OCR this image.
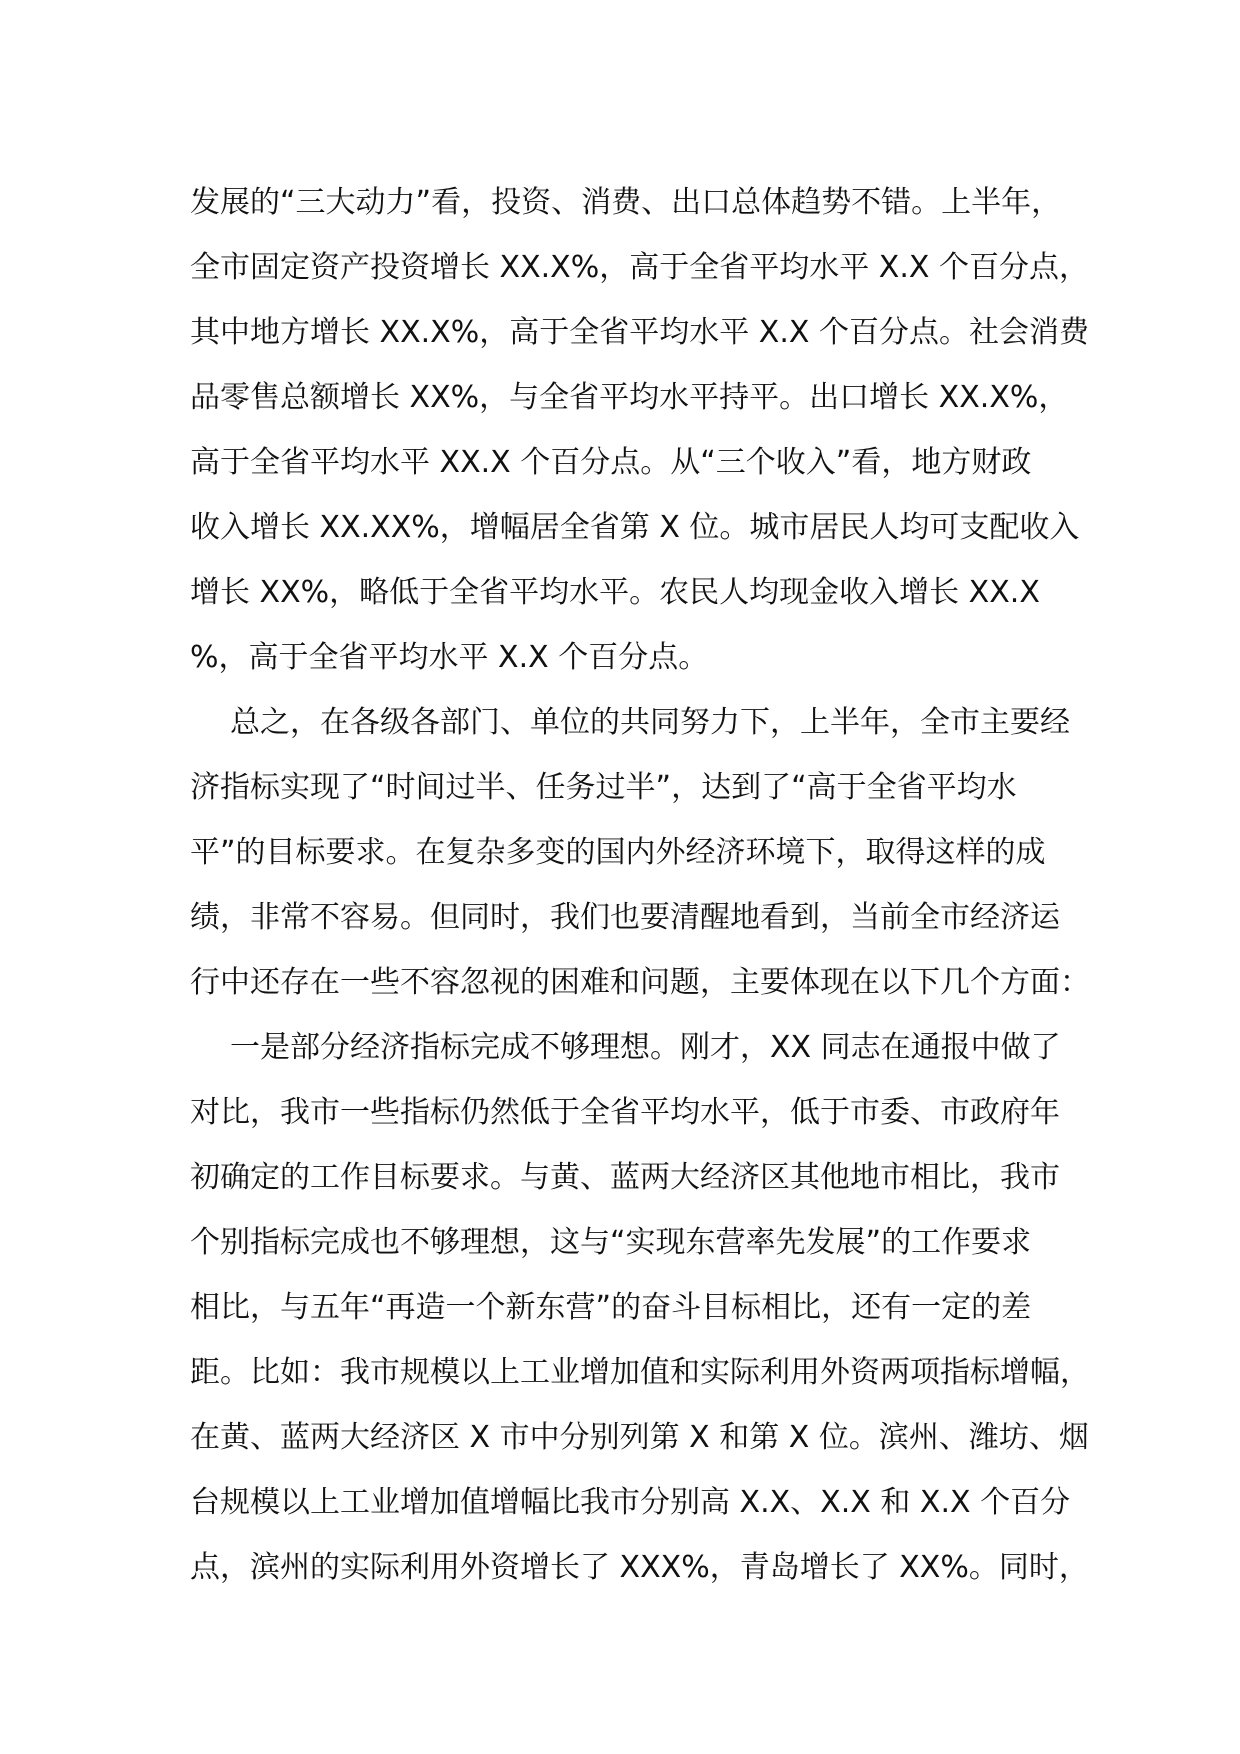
发展的“三大动力”看，投资、消费、出口总体趋势不错。上半年，
全市固定资产投资增长 XX.X%，高于全省平均水平 X.X 个百分点，
其中地方增长 XX.X%，高于全省平均水平 X.X 个百分点。社会消费
品零售总额增长 XX%，与全省平均水平持平。出口增长 XX.X%，
高于全省平均水平 XX.X 个百分点。从“三个收入”看，地方财政
收入增长 XX.XX%，增幅居全省第 X 位。城市居民人均可支配收入
增长 XX%，略低于全省平均水平。农民人均现金收入增长 XX.X
%，高于全省平均水平 X.X 个百分点。
总之，在各级各部门、单位的共同努力下，上半年，全市主要经
济指标实现了“时间过半、任务过半”，达到了“高于全省平均水
平”的目标要求。在复杂多变的国内外经济环境下，取得这样的成
绩，非常不容易。但同时，我们也要清醒地看到，当前全市经济运
行中还存在一些不容忽视的困难和问题，主要体现在以下几个方面：
一是部分经济指标完成不够理想。刚才，XX 同志在通报中做了
对比，我市一些指标仍然低于全省平均水平，低于市委、市政府年
初确定的工作目标要求。与黄、蓝两大经济区其他地市相比，我市
个别指标完成也不够理想，这与“实现东营率先发展”的工作要求
相比，与五年“再造一个新东营”的奋斗目标相比，还有一定的差
距。比如：我市规模以上工业增加值和实际利用外资两项指标增幅，
在黄、蓝两大经济区 X 市中分别列第 X 和第 X 位。滨州、潍坊、烟
台规模以上工业增加值增幅比我市分别高 X.X、X.X 和 X.X 个百分
点，滨州的实际利用外资增长了 XXX%，青岛增长了 XX%。同时，
